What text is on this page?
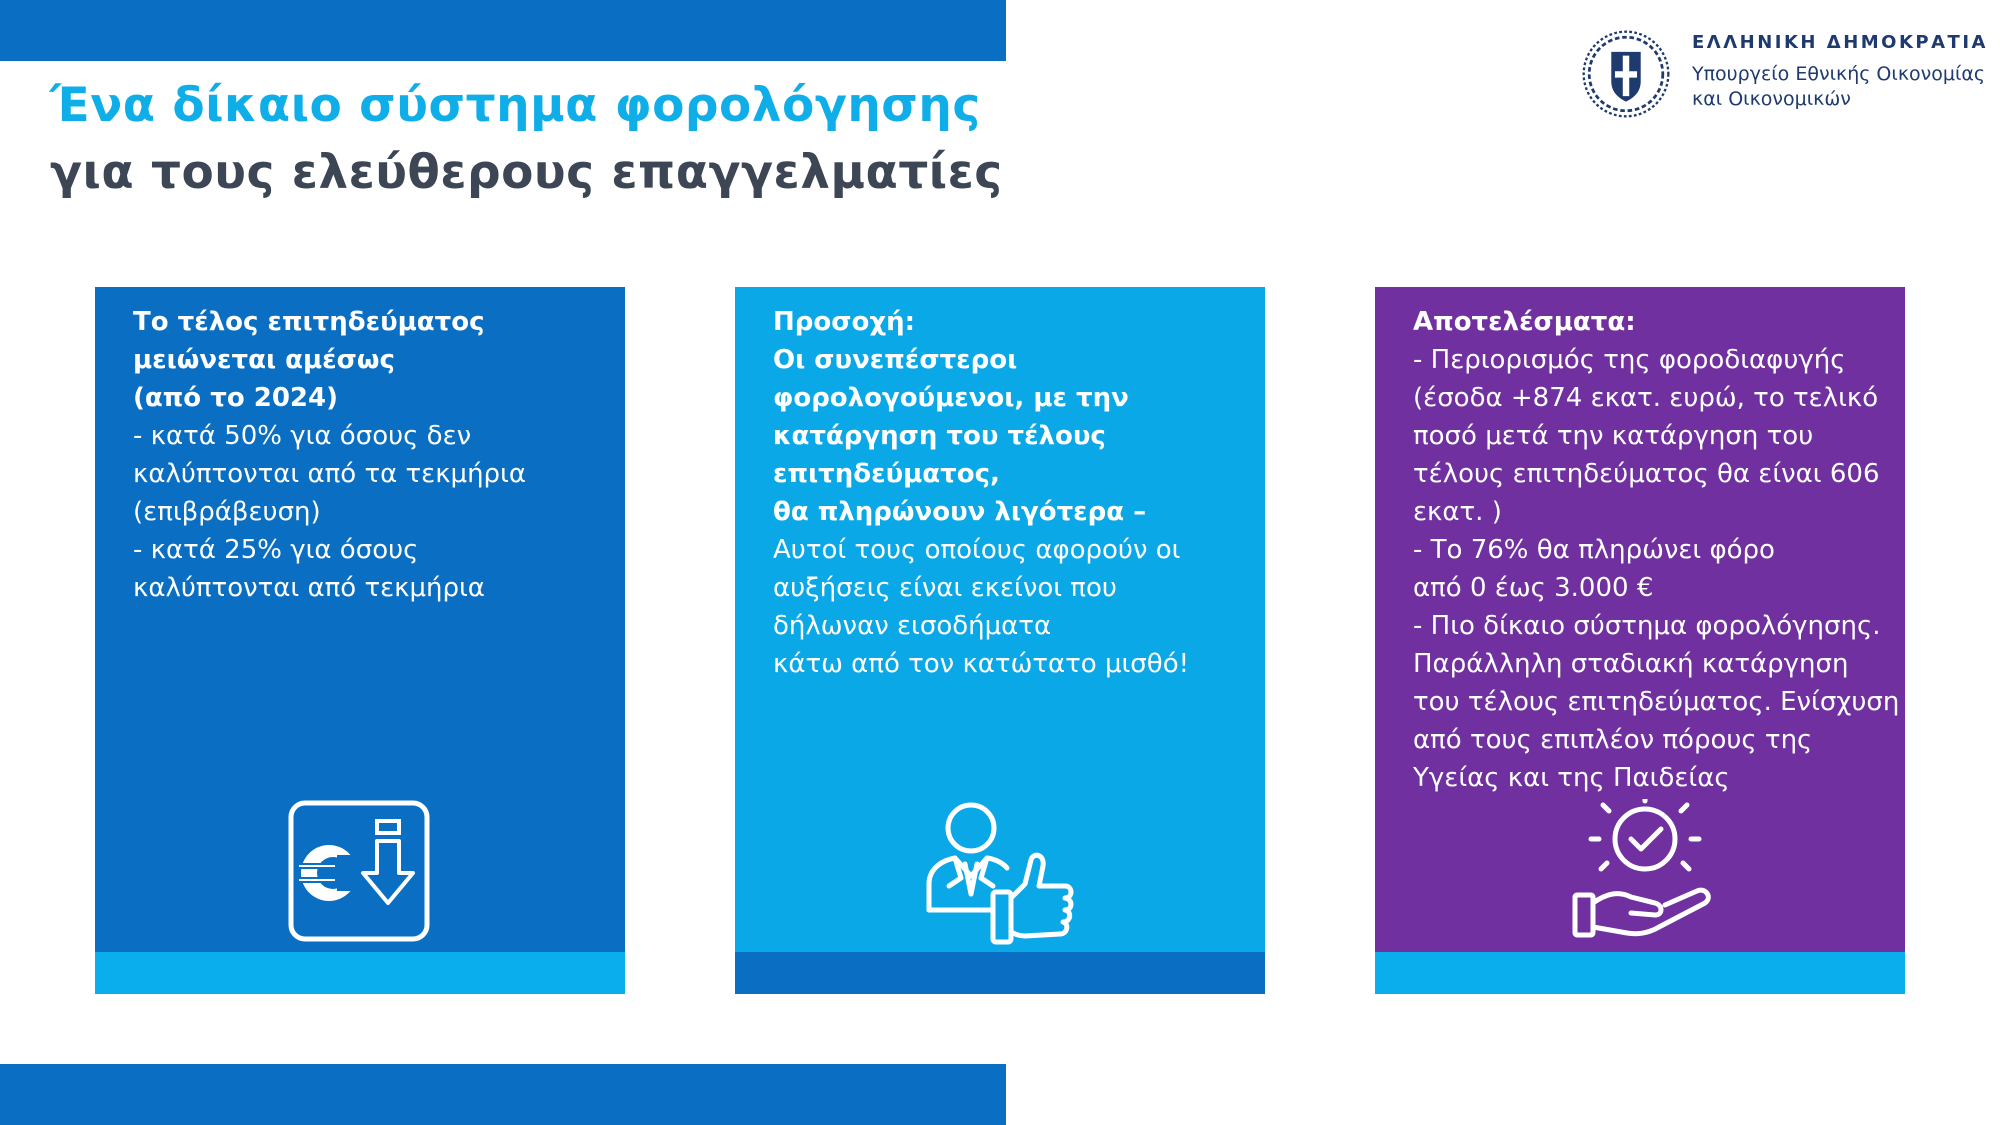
Ένα δίκαιο σύστημα φορολόγησης
για τους ελεύθερους επαγγελματίες
ΕΛΛΗΝΙΚΗ ΔΗΜΟΚΡΑΤΙΑ
Υπουργείο Εθνικής Οικονομίας
και Οικονομικών
Το τέλος επιτηδεύματος
μειώνεται αμέσως
(από το 2024)
- κατά 50% για όσους δεν
καλύπτονται από τα τεκμήρια
(επιβράβευση)
- κατά 25% για όσους
καλύπτονται από τεκμήρια
Προσοχή:
Οι συνεπέστεροι
φορολογούμενοι, με την
κατάργηση του τέλους
επιτηδεύματος,
θα πληρώνουν λιγότερα –
Αυτοί τους οποίους αφορούν οι
αυξήσεις είναι εκείνοι που
δήλωναν εισοδήματα
κάτω από τον κατώτατο μισθό!
Αποτελέσματα:
- Περιορισμός της φοροδιαφυγής
(έσοδα +874 εκατ. ευρώ, το τελικό
ποσό μετά την κατάργηση του
τέλους επιτηδεύματος θα είναι 606
εκατ. )
- Το 76% θα πληρώνει φόρο
από 0 έως 3.000 €
- Πιο δίκαιο σύστημα φορολόγησης.
Παράλληλη σταδιακή κατάργηση
του τέλους επιτηδεύματος. Ενίσχυση
από τους επιπλέον πόρους της
Υγείας και της Παιδείας
